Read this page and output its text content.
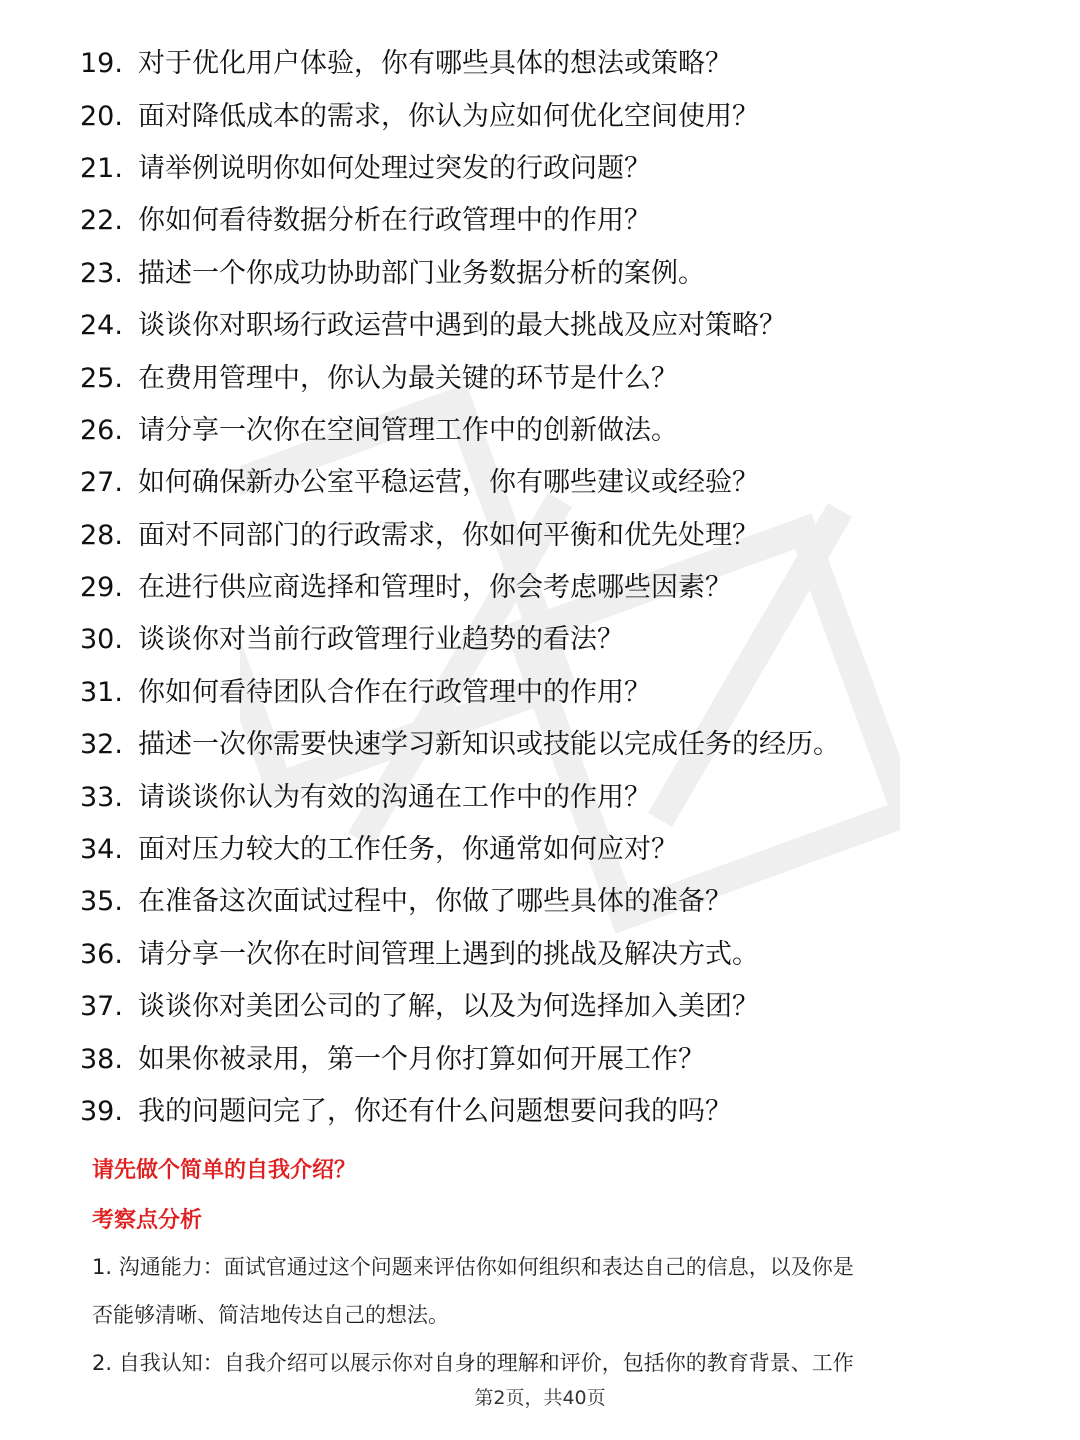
19. 对于优化用户体验，你有哪些具体的想法或策略？
20. 面对降低成本的需求，你认为应如何优化空间使用？
21. 请举例说明你如何处理过突发的行政问题？
22. 你如何看待数据分析在行政管理中的作用？
23. 描述一个你成功协助部门业务数据分析的案例。
24. 谈谈你对职场行政运营中遇到的最大挑战及应对策略？
25. 在费用管理中，你认为最关键的环节是什么？
26. 请分享一次你在空间管理工作中的创新做法。
27. 如何确保新办公室平稳运营，你有哪些建议或经验？
28. 面对不同部门的行政需求，你如何平衡和优先处理？
29. 在进行供应商选择和管理时，你会考虑哪些因素？
30. 谈谈你对当前行政管理行业趋势的看法？
31. 你如何看待团队合作在行政管理中的作用？
32. 描述一次你需要快速学习新知识或技能以完成任务的经历。
33. 请谈谈你认为有效的沟通在工作中的作用？
34. 面对压力较大的工作任务，你通常如何应对？
35. 在准备这次面试过程中，你做了哪些具体的准备？
36. 请分享一次你在时间管理上遇到的挑战及解决方式。
37. 谈谈你对美团公司的了解，以及为何选择加入美团？
38. 如果你被录用，第一个月你打算如何开展工作？
39. 我的问题问完了，你还有什么问题想要问我的吗？
请先做个简单的自我介绍？
考察点分析
1. 沟通能力：面试官通过这个问题来评估你如何组织和表达自己的信息，以及你是
否能够清晰、简洁地传达自己的想法。
2. 自我认知：自我介绍可以展示你对自身的理解和评价，包括你的教育背景、工作
第2页，共40页
